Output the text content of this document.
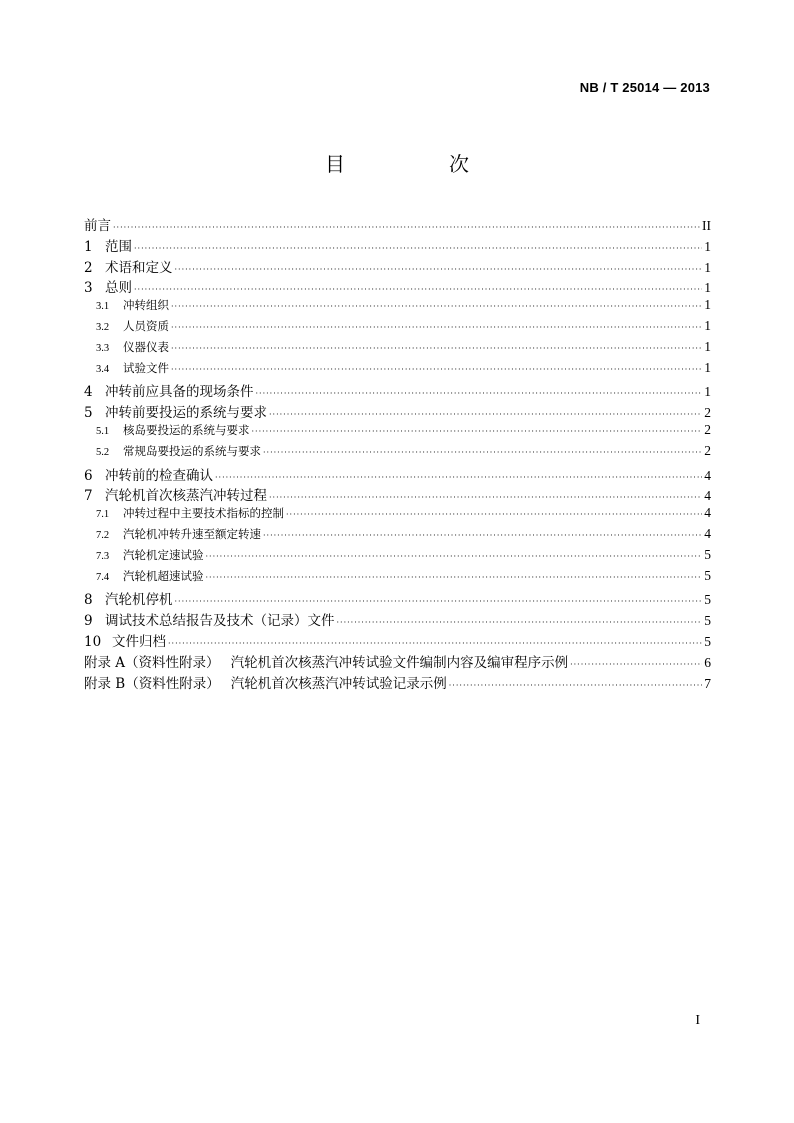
NB / T 25014 — 2013
目　次
前言 ·····	II
1 范围 ·····	1
2 术语和定义 ·····	1
3 总则 ·····	1
3.1	冲转组织 ·····	1
3.2	人员资质 ·····	1
3.3	仪器仪表 ·····	1
3.4	试验文件 ·····	1
4 冲转前应具备的现场条件 ·····	1
5 冲转前要投运的系统与要求 ·····	2
5.1	核岛要投运的系统与要求 ·····	2
5.2	常规岛要投运的系统与要求 ·····	2
6 冲转前的检查确认 ·····	4
7 汽轮机首次核蒸汽冲转过程 ·····	4
7.1	冲转过程中主要技术指标的控制 ·····	4
7.2	汽轮机冲转升速至额定转速 ·····	4
7.3	汽轮机定速试验 ·····	5
7.4	汽轮机超速试验 ·····	5
8 汽轮机停机 ·····	5
9 调试技术总结报告及技术（记录）文件 ·····	5
10 文件归档 ·····	5
附录 A（资料性附录）　 汽轮机首次核蒸汽冲转试验文件编制内容及编审程序示例 ·····	6
附录 B（资料性附录）　 汽轮机首次核蒸汽冲转试验记录示例 ·····	7
I
